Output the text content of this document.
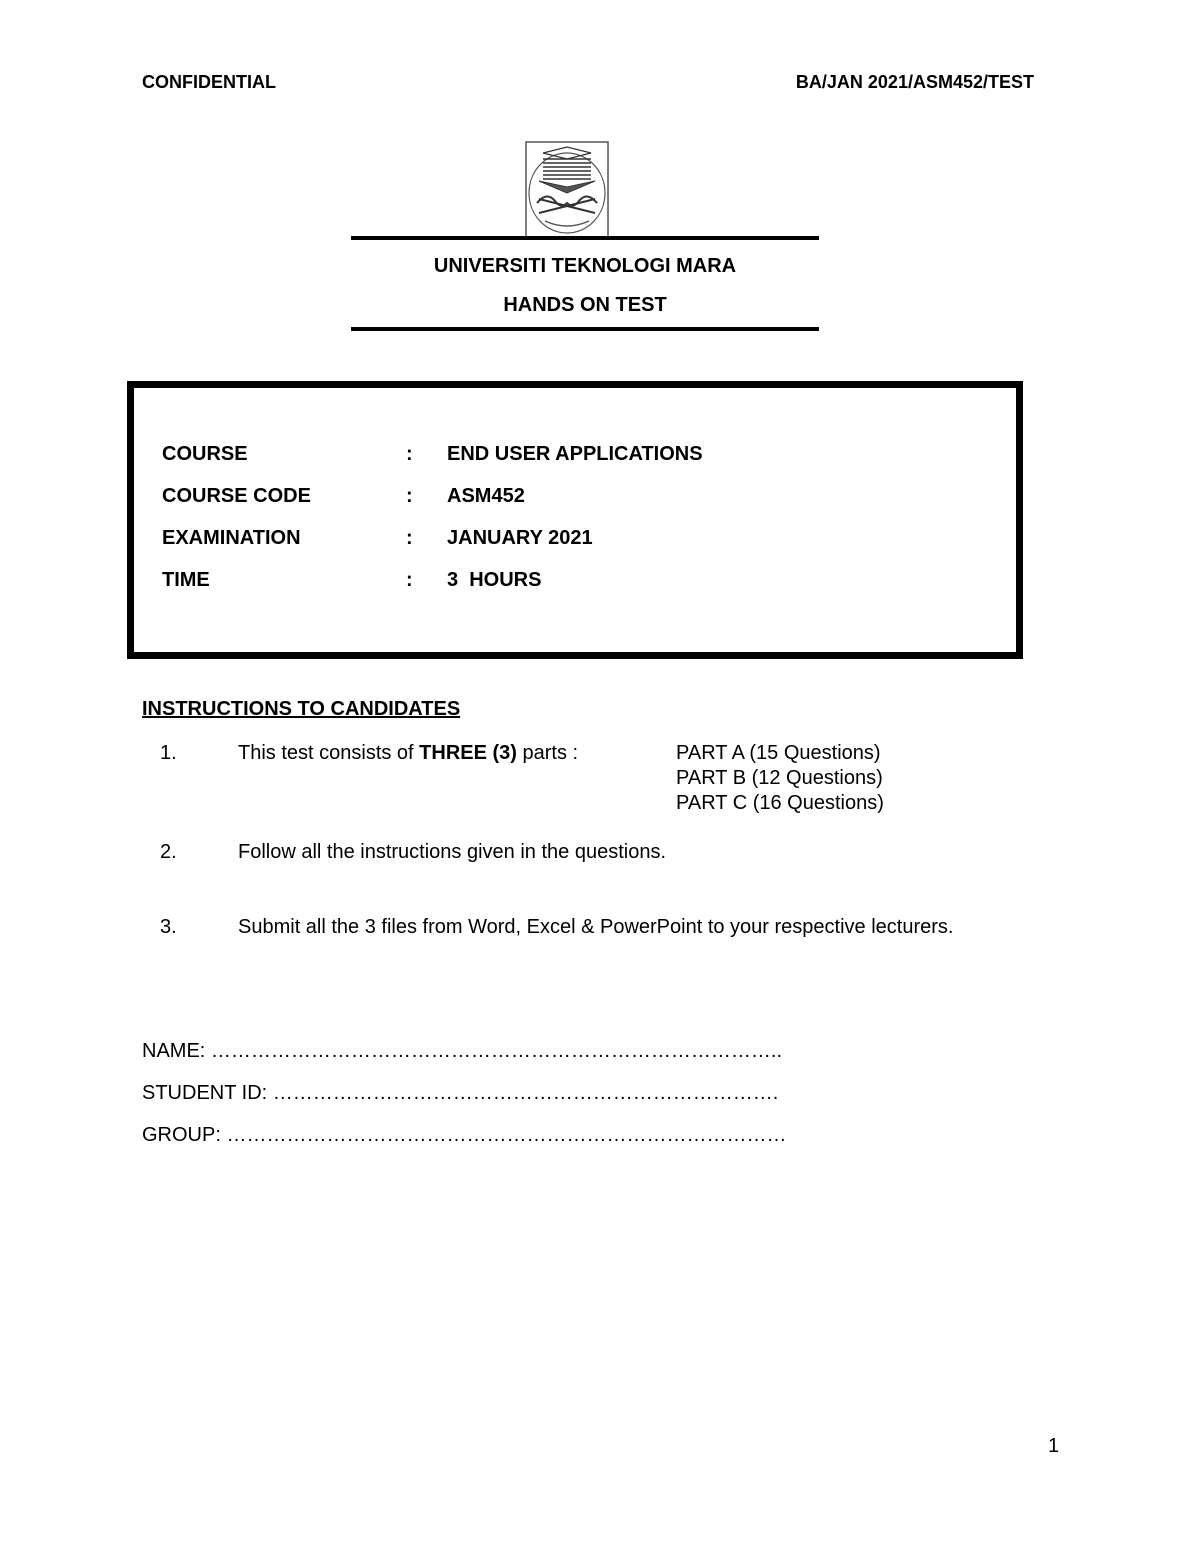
CONFIDENTIAL	BA/JAN 2021/ASM452/TEST
UNIVERSITI TEKNOLOGI MARA
HANDS ON TEST
COURSE	: END USER APPLICATIONS
COURSE CODE	: ASM452
EXAMINATION	: JANUARY 2021
TIME	: 3  HOURS
INSTRUCTIONS TO CANDIDATES
1.	This test consists of THREE (3) parts :	PART A (15 Questions)
PART B (12 Questions)
PART C (16 Questions)
2.	Follow all the instructions given in the questions.
3.	Submit all the 3 files from Word, Excel & PowerPoint to your respective lecturers.
NAME: …………………………………………………………………………..
STUDENT ID: ………………………………………………………………….
GROUP: …………………………………………………………………………
1
